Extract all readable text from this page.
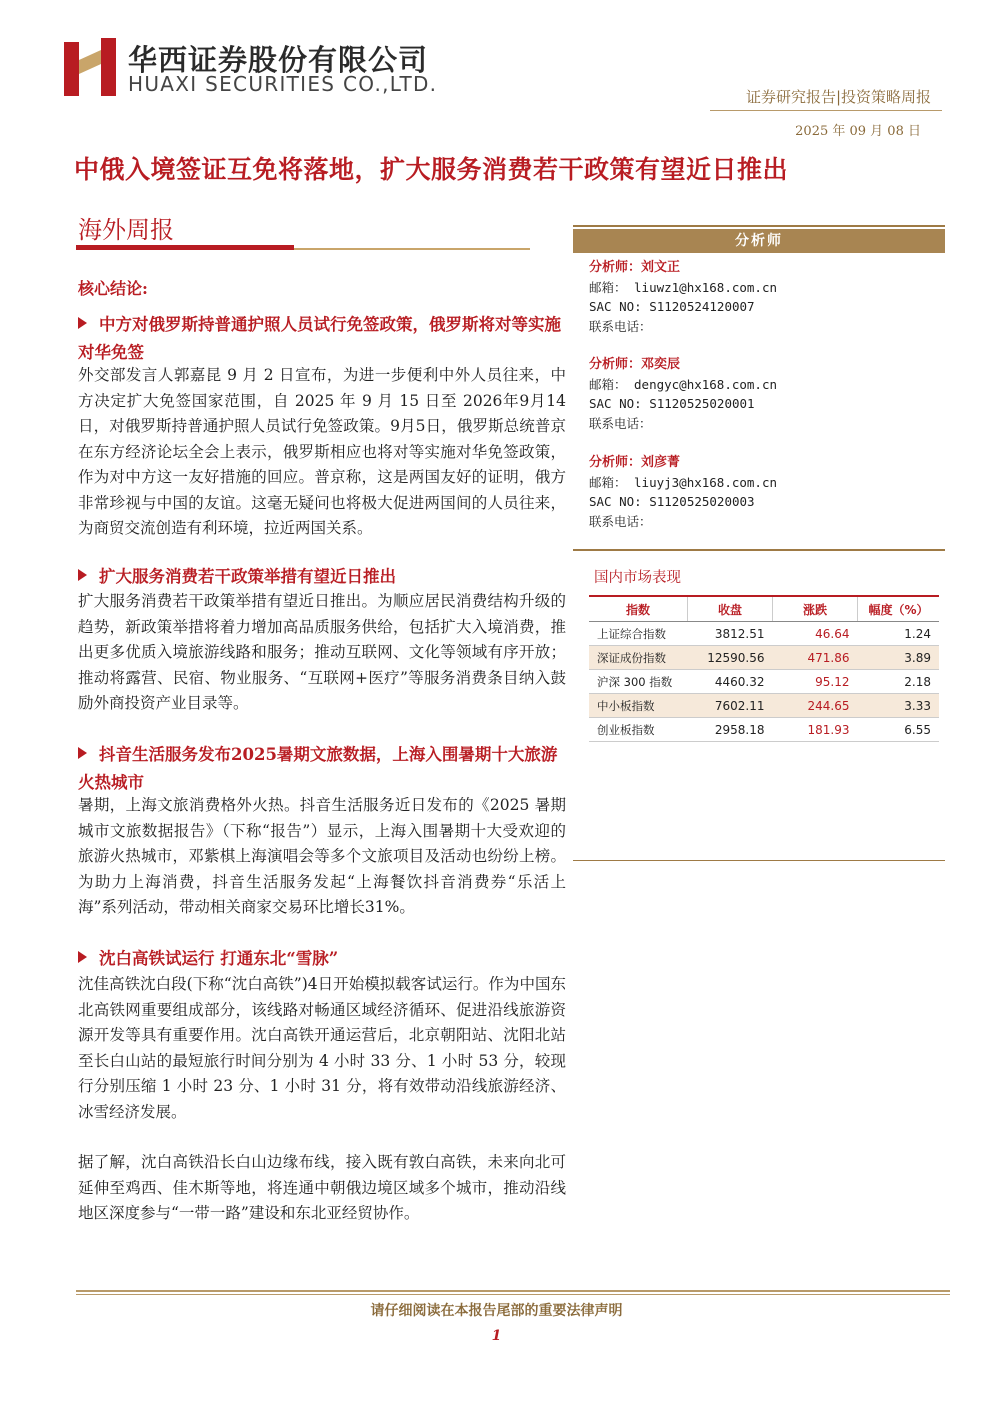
华西证券股份有限公司
HUAXI SECURITIES CO.,LTD.
证券研究报告|投资策略周报
2025 年 09 月 08 日
中俄入境签证互免将落地，扩大服务消费若干政策有望近日推出
海外周报
核心结论:
中方对俄罗斯持普通护照人员试行免签政策，俄罗斯将对等实施对华免签
外交部发言人郭嘉昆 9 月 2 日宣布，为进一步便利中外人员往来，中方决定扩大免签国家范围，自 2025 年 9 月 15 日至 2026年9月14日，对俄罗斯持普通护照人员试行免签政策。9月5日，俄罗斯总统普京在东方经济论坛全会上表示，俄罗斯相应也将对等实施对华免签政策，作为对中方这一友好措施的回应。普京称，这是两国友好的证明，俄方非常珍视与中国的友谊。这毫无疑问也将极大促进两国间的人员往来，为商贸交流创造有利环境，拉近两国关系。
扩大服务消费若干政策举措有望近日推出
扩大服务消费若干政策举措有望近日推出。为顺应居民消费结构升级的趋势，新政策举措将着力增加高品质服务供给，包括扩大入境消费，推出更多优质入境旅游线路和服务；推动互联网、文化等领域有序开放；推动将露营、民宿、物业服务、“互联网+医疗”等服务消费条目纳入鼓励外商投资产业目录等。
抖音生活服务发布2025暑期文旅数据，上海入围暑期十大旅游火热城市
暑期，上海文旅消费格外火热。抖音生活服务近日发布的《2025 暑期城市文旅数据报告》（下称“报告”）显示，上海入围暑期十大受欢迎的旅游火热城市，邓紫棋上海演唱会等多个文旅项目及活动也纷纷上榜。为助力上海消费，抖音生活服务发起“上海餐饮抖音消费券“乐活上海”系列活动，带动相关商家交易环比增长31%。
沈白高铁试运行 打通东北“雪脉”
沈佳高铁沈白段(下称“沈白高铁”)4日开始模拟载客试运行。作为中国东北高铁网重要组成部分，该线路对畅通区域经济循环、促进沿线旅游资源开发等具有重要作用。沈白高铁开通运营后，北京朝阳站、沈阳北站至长白山站的最短旅行时间分别为 4 小时 33 分、1 小时 53 分，较现行分别压缩 1 小时 23 分、1 小时 31 分，将有效带动沿线旅游经济、冰雪经济发展。
据了解，沈白高铁沿长白山边缘布线，接入既有敦白高铁，未来向北可延伸至鸡西、佳木斯等地，将连通中朝俄边境区域多个城市，推动沿线地区深度参与“一带一路”建设和东北亚经贸协作。
分析师
分析师：刘文正
邮箱： liuwz1@hx168.com.cn
SAC NO: S1120524120007
联系电话：
分析师：邓奕辰
邮箱： dengyc@hx168.com.cn
SAC NO: S1120525020001
联系电话：
分析师：刘彦菁
邮箱： liuyj3@hx168.com.cn
SAC NO: S1120525020003
联系电话：
国内市场表现
指数	收盘	涨跌	幅度（%）
上证综合指数	3812.51	46.64	1.24
深证成份指数	12590.56	471.86	3.89
沪深 300 指数	4460.32	95.12	2.18
中小板指数	7602.11	244.65	3.33
创业板指数	2958.18	181.93	6.55
请仔细阅读在本报告尾部的重要法律声明
1
